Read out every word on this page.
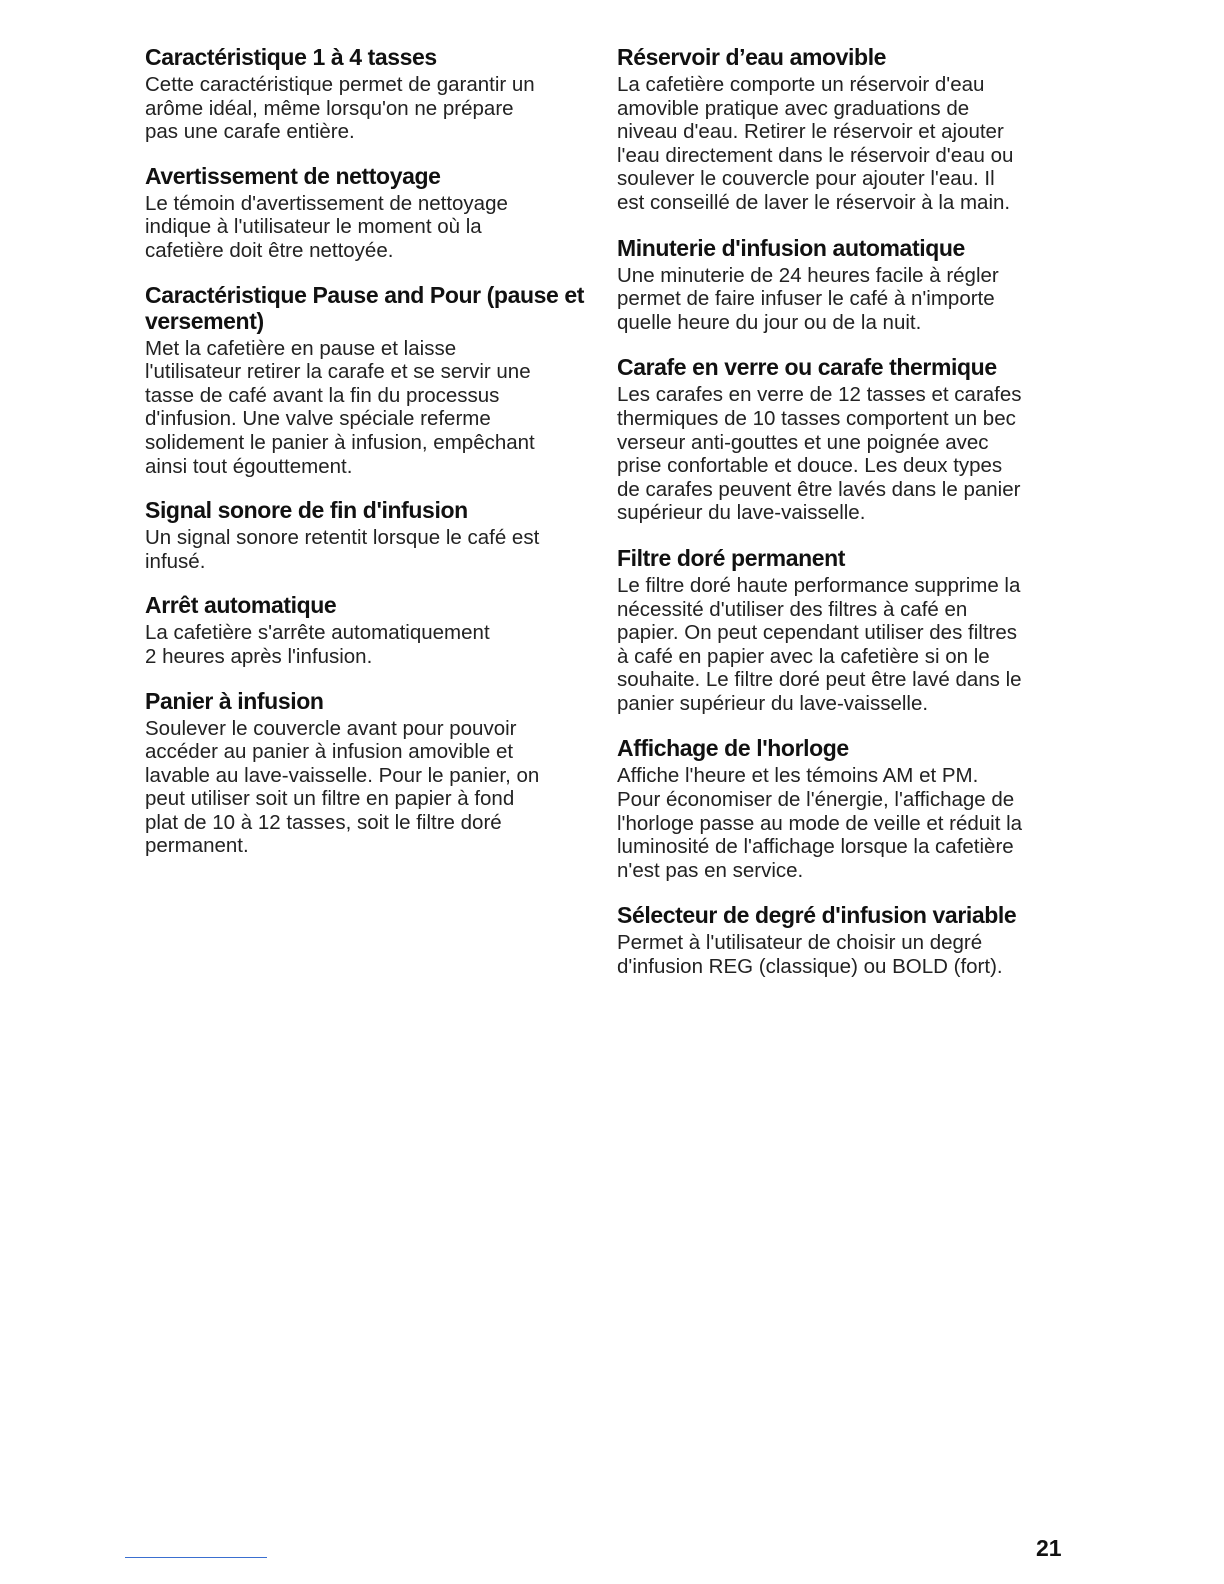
Caractéristique 1 à 4 tasses

Cette caractéristique permet de garantir un
arôme idéal, même lorsqu'on ne prépare
pas une carafe entière.

Avertissement de nettoyage

Le témoin d'avertissement de nettoyage
indique à l'utilisateur le moment où la
cafetière doit être nettoyée.

Caractéristique Pause and Pour (pause et versement)

Met la cafetière en pause et laisse
l'utilisateur retirer la carafe et se servir une
tasse de café avant la fin du processus
d'infusion. Une valve spéciale referme
solidement le panier à infusion, empêchant
ainsi tout égouttement.

Signal sonore de fin d'infusion

Un signal sonore retentit lorsque le café est
infusé.

Arrêt automatique

La cafetière s'arrête automatiquement
2 heures après l'infusion.

Panier à infusion

Soulever le couvercle avant pour pouvoir
accéder au panier à infusion amovible et
lavable au lave-vaisselle. Pour le panier, on
peut utiliser soit un filtre en papier à fond
plat de 10 à 12 tasses, soit le filtre doré
permanent.

Réservoir d’eau amovible

La cafetière comporte un réservoir d'eau
amovible pratique avec graduations de
niveau d'eau. Retirer le réservoir et ajouter
l'eau directement dans le réservoir d'eau ou
soulever le couvercle pour ajouter l'eau. Il
est conseillé de laver le réservoir à la main.

Minuterie d'infusion automatique

Une minuterie de 24 heures facile à régler
permet de faire infuser le café à n'importe
quelle heure du jour ou de la nuit.

Carafe en verre ou carafe thermique

Les carafes en verre de 12 tasses et carafes
thermiques de 10 tasses comportent un bec
verseur anti-gouttes et une poignée avec
prise confortable et douce. Les deux types
de carafes peuvent être lavés dans le panier
supérieur du lave-vaisselle.

Filtre doré permanent

Le filtre doré haute performance supprime la
nécessité d'utiliser des filtres à café en
papier. On peut cependant utiliser des filtres
à café en papier avec la cafetière si on le
souhaite. Le filtre doré peut être lavé dans le
panier supérieur du lave-vaisselle.

Affichage de l'horloge

Affiche l'heure et les témoins AM et PM.
Pour économiser de l'énergie, l'affichage de
l'horloge passe au mode de veille et réduit la
luminosité de l'affichage lorsque la cafetière
n'est pas en service.

Sélecteur de degré d'infusion variable

Permet à l'utilisateur de choisir un degré
d'infusion REG (classique) ou BOLD (fort).

21
